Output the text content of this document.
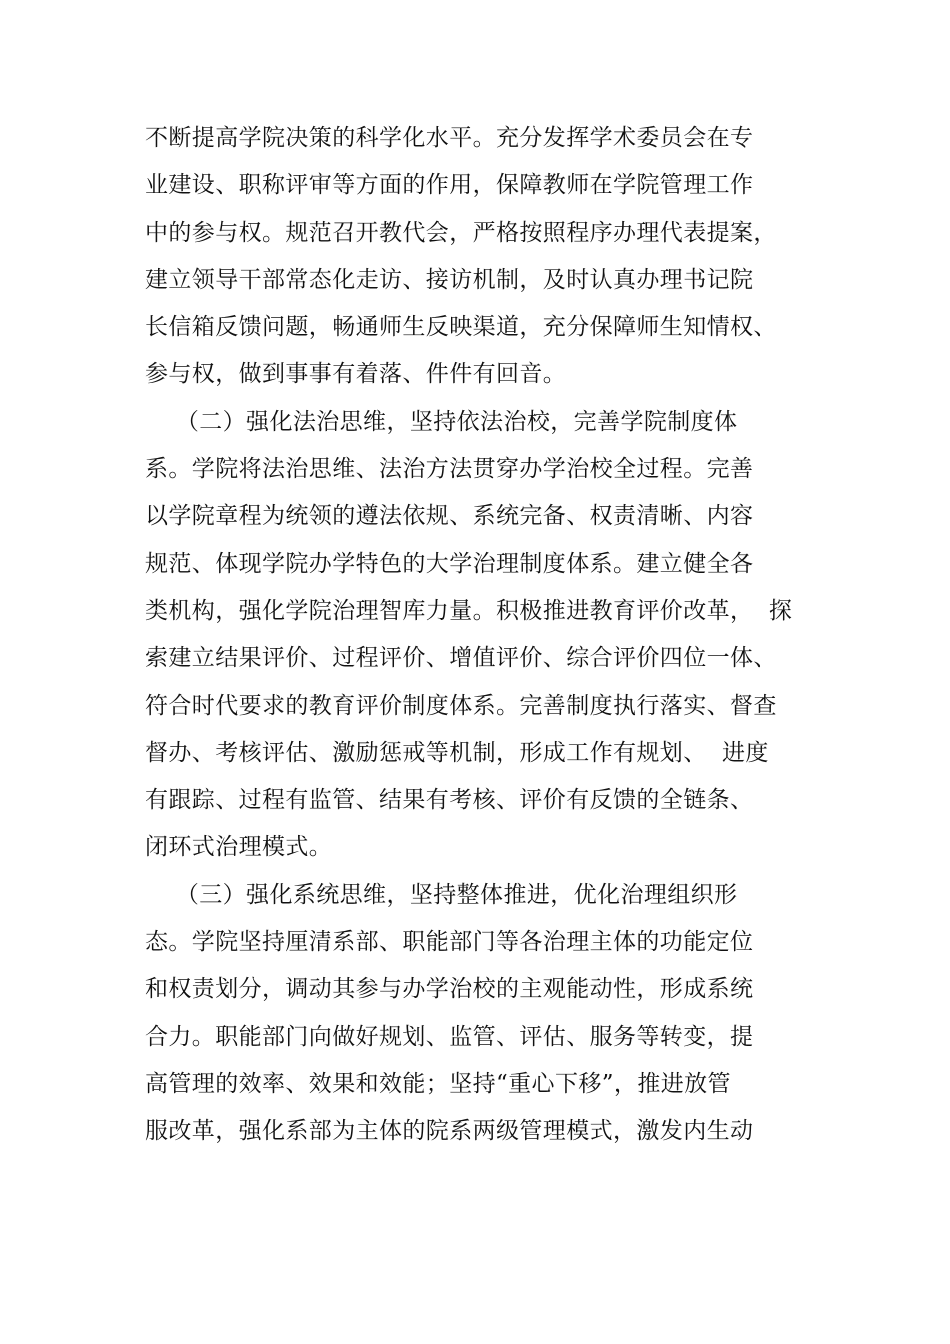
不断提高学院决策的科学化水平。充分发挥学术委员会在专
业建设、职称评审等方面的作用，保障教师在学院管理工作
中的参与权。规范召开教代会，严格按照程序办理代表提案，
建立领导干部常态化走访、接访机制，及时认真办理书记院
长信箱反馈问题，畅通师生反映渠道，充分保障师生知情权、
参与权，做到事事有着落、件件有回音。
（二）强化法治思维，坚持依法治校，完善学院制度体
系。学院将法治思维、法治方法贯穿办学治校全过程。完善
以学院章程为统领的遵法依规、系统完备、权责清晰、内容
规范、体现学院办学特色的大学治理制度体系。建立健全各
类机构，强化学院治理智库力量。积极推进教育评价改革，  探
索建立结果评价、过程评价、增值评价、综合评价四位一体、
符合时代要求的教育评价制度体系。完善制度执行落实、督查
督办、考核评估、激励惩戒等机制，形成工作有规划、  进度
有跟踪、过程有监管、结果有考核、评价有反馈的全链条、
闭环式治理模式。
（三）强化系统思维，坚持整体推进，优化治理组织形
态。学院坚持厘清系部、职能部门等各治理主体的功能定位
和权责划分，调动其参与办学治校的主观能动性，形成系统
合力。职能部门向做好规划、监管、评估、服务等转变，提
高管理的效率、效果和效能；坚持“重心下移”，推进放管
服改革，强化系部为主体的院系两级管理模式，激发内生动
